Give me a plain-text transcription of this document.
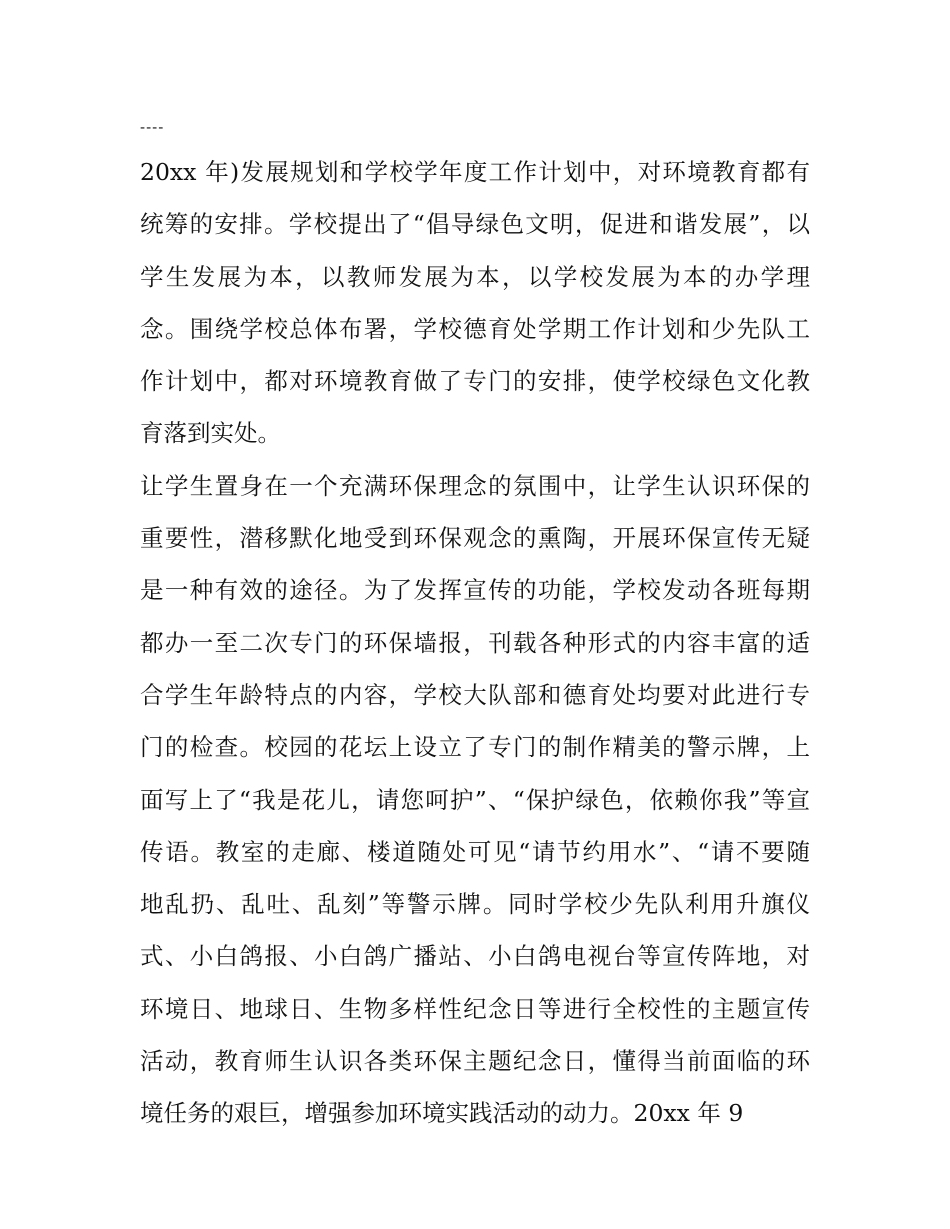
----
20xx 年)发展规划和学校学年度工作计划中，对环境教育都有
统筹的安排。学校提出了“倡导绿色文明，促进和谐发展”，以
学生发展为本，以教师发展为本，以学校发展为本的办学理
念。围绕学校总体布署，学校德育处学期工作计划和少先队工
作计划中，都对环境教育做了专门的安排，使学校绿色文化教
育落到实处。
让学生置身在一个充满环保理念的氛围中，让学生认识环保的
重要性，潜移默化地受到环保观念的熏陶，开展环保宣传无疑
是一种有效的途径。为了发挥宣传的功能，学校发动各班每期
都办一至二次专门的环保墙报，刊载各种形式的内容丰富的适
合学生年龄特点的内容，学校大队部和德育处均要对此进行专
门的检查。校园的花坛上设立了专门的制作精美的警示牌，上
面写上了“我是花儿，请您呵护”、“保护绿色，依赖你我”等宣
传语。教室的走廊、楼道随处可见“请节约用水”、“请不要随
地乱扔、乱吐、乱刻”等警示牌。同时学校少先队利用升旗仪
式、小白鸽报、小白鸽广播站、小白鸽电视台等宣传阵地，对
环境日、地球日、生物多样性纪念日等进行全校性的主题宣传
活动，教育师生认识各类环保主题纪念日，懂得当前面临的环
境任务的艰巨，增强参加环境实践活动的动力。20xx 年 9
